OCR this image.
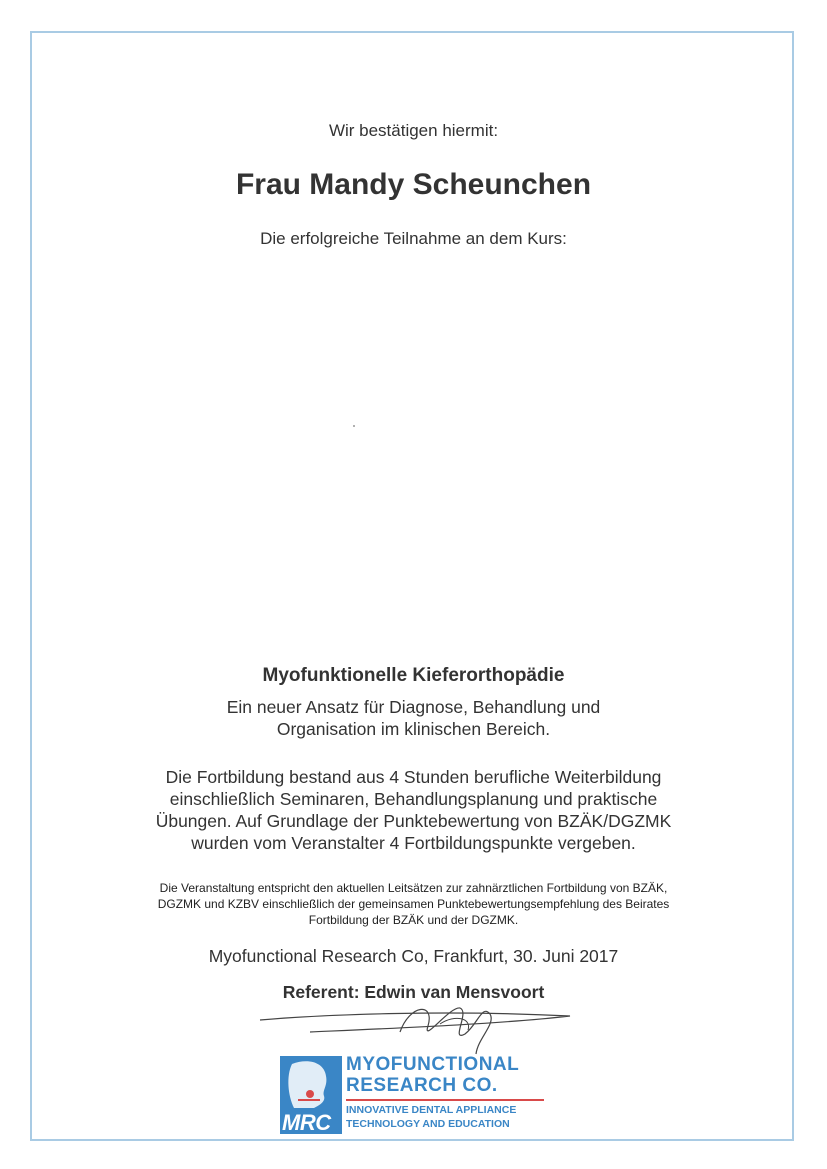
Wir bestätigen hiermit:
Frau Mandy Scheunchen
Die erfolgreiche Teilnahme an dem Kurs:
Myofunktionelle Kieferorthopädie
Ein neuer Ansatz für Diagnose, Behandlung und
Organisation im klinischen Bereich.
Die Fortbildung bestand aus 4 Stunden berufliche Weiterbildung
einschließlich Seminaren, Behandlungsplanung und praktische
Übungen. Auf Grundlage der Punktebewertung von BZÄK/DGZMK
wurden vom Veranstalter 4 Fortbildungspunkte vergeben.
Die Veranstaltung entspricht den aktuellen Leitsätzen zur zahnärztlichen Fortbildung von BZÄK,
DGZMK und KZBV einschließlich der gemeinsamen Punktebewertungsempfehlung des Beirates
Fortbildung der BZÄK und der DGZMK.
Myofunctional Research Co, Frankfurt, 30. Juni 2017
Referent: Edwin van Mensvoort
MRC
MYOFUNCTIONAL
RESEARCH CO.
INNOVATIVE DENTAL APPLIANCE
TECHNOLOGY AND EDUCATION
